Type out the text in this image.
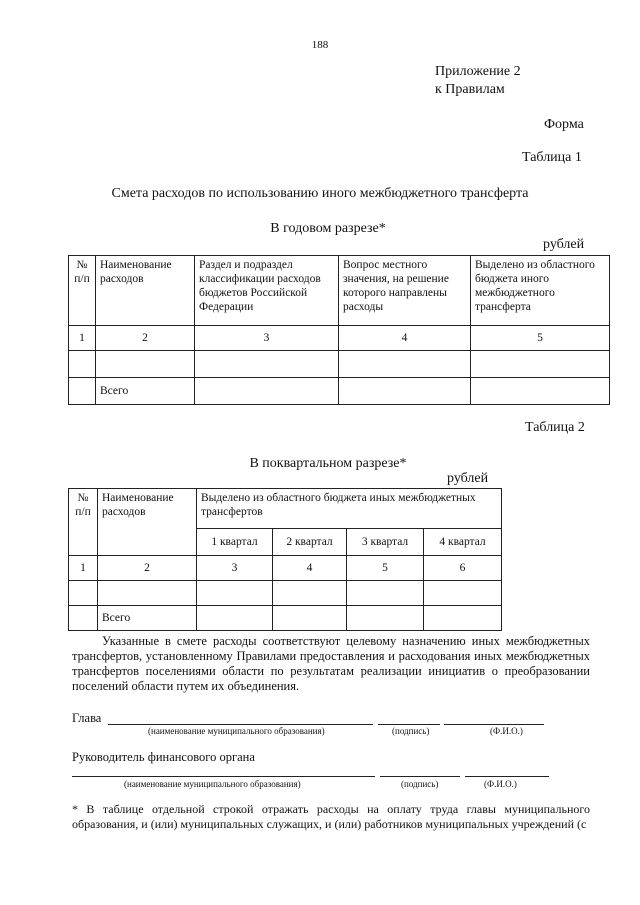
188
Приложение 2
к Правилам
Форма
Таблица 1
Смета расходов по использованию иного межбюджетного трансферта
В годовом разрезе*
рублей
№ п/п	Наименование расходов	Раздел и подраздел классификации расходов бюджетов Российской Федерации	Вопрос местного значения, на решение которого направлены расходы	Выделено из областного бюджета иного межбюджетного трансферта
1	2	3	4	5

	Всего			
Таблица 2
В поквартальном разрезе*
рублей
№ п/п	Наименование расходов	Выделено из областного бюджета иных межбюджетных трансфертов			
		1 квартал	2 квартал	3 квартал	4 квартал
1	2	3	4	5	6

	Всего				
Указанные в смете расходы соответствуют целевому назначению иных межбюджетных трансфертов, установленному Правилами предоставления и расходования иных межбюджетных трансфертов поселениями области по результатам реализации инициатив о преобразовании поселений области путем их объединения.
Глава
(наименование муниципального образования)	(подпись)	(Ф.И.О.)
Руководитель финансового органа
(наименование муниципального образования)	(подпись)	(Ф.И.О.)
* В таблице отдельной строкой отражать расходы на оплату труда главы муниципального образования, и (или) муниципальных служащих, и (или) работников муниципальных учреждений (с
